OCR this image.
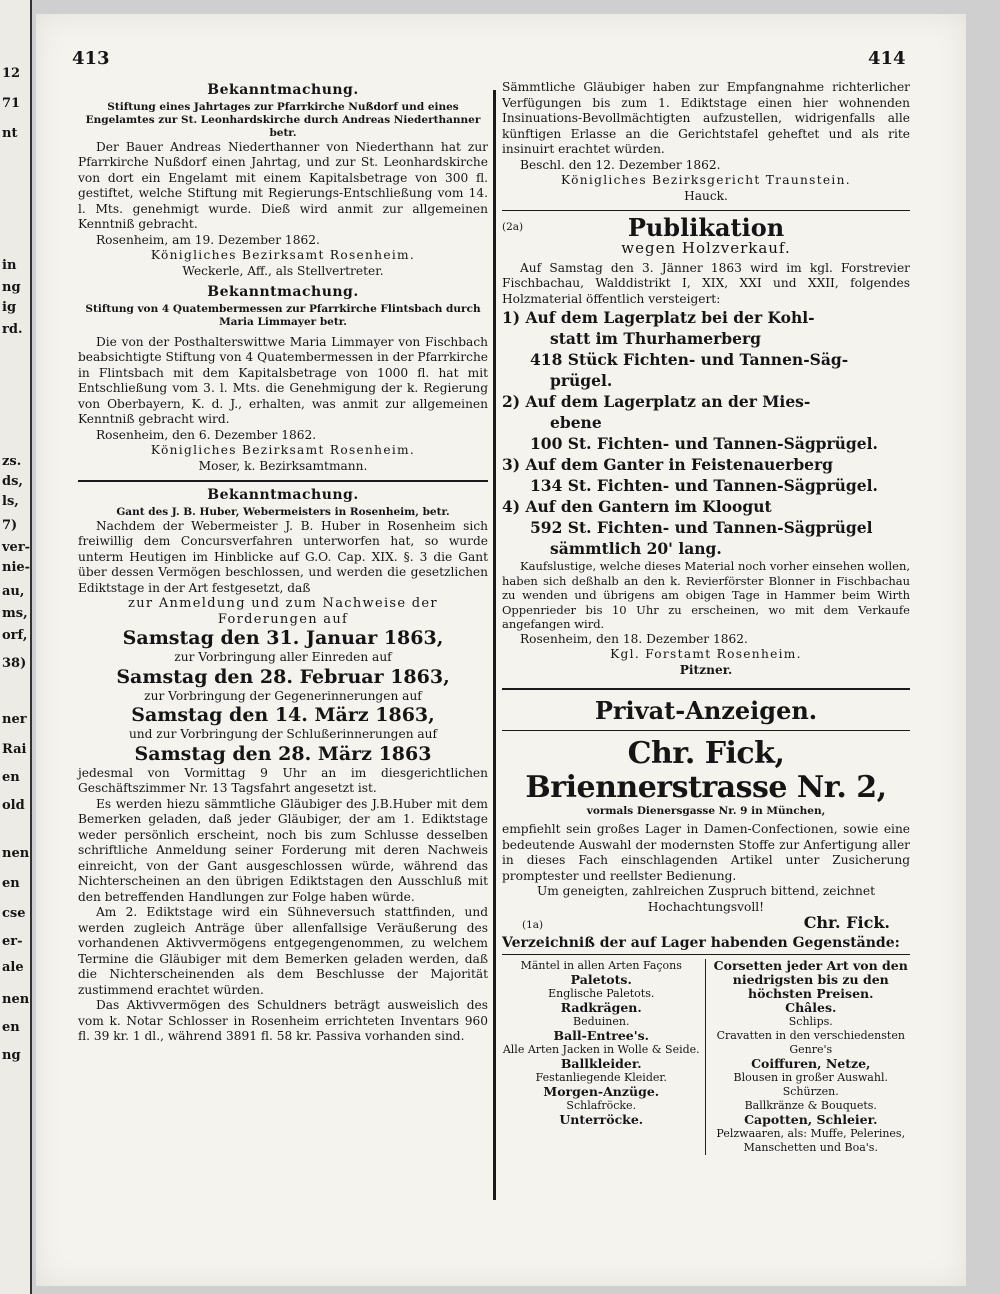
12
71
nt
in
ng
ig
rd.
zs.
ds,
ls,
7)
ver-
nie-
au,
ms,
orf,
38)
ner
Rai
en
old
nen
en
cse
er-
ale
nen
en
ng
413	414

Bekanntmachung.

Stiftung eines Jahrtages zur Pfarrkirche Nußdorf und eines Engelamtes zur St. Leonhardskirche durch Andreas Niederthanner betr.

Der Bauer Andreas Niederthanner von Niederthann hat zur Pfarrkirche Nußdorf einen Jahrtag, und zur St. Leonhardskirche von dort ein Engelamt mit einem Kapitalsbetrage von 300 fl. gestiftet, welche Stiftung mit Regierungs-Entschließung vom 14. l. Mts. genehmigt wurde. Dieß wird anmit zur allgemeinen Kenntniß gebracht.

Rosenheim, am 19. Dezember 1862.

Königliches Bezirksamt Rosenheim.

Weckerle, Aff., als Stellvertreter.

Bekanntmachung.

Stiftung von 4 Quatembermessen zur Pfarrkirche Flintsbach durch Maria Limmayer betr.

Die von der Posthalterswittwe Maria Limmayer von Fischbach beabsichtigte Stiftung von 4 Quatembermessen in der Pfarrkirche in Flintsbach mit dem Kapitalsbetrage von 1000 fl. hat mit Entschließung vom 3. l. Mts. die Genehmigung der k. Regierung von Oberbayern, K. d. J., erhalten, was anmit zur allgemeinen Kenntniß gebracht wird.

Rosenheim, den 6. Dezember 1862.

Königliches Bezirksamt Rosenheim.

Moser, k. Bezirksamtmann.

Bekanntmachung.

Gant des J. B. Huber, Webermeisters in Rosenheim, betr.

Nachdem der Webermeister J. B. Huber in Rosenheim sich freiwillig dem Concursverfahren unterworfen hat, so wurde unterm Heutigen im Hinblicke auf G.O. Cap. XIX. §. 3 die Gant über dessen Vermögen beschlossen, und werden die gesetzlichen Ediktstage in der Art festgesetzt, daß

zur Anmeldung und zum Nachweise der Forderungen auf

Samstag den 31. Januar 1863,

zur Vorbringung aller Einreden auf

Samstag den 28. Februar 1863,

zur Vorbringung der Gegenerinnerungen auf

Samstag den 14. März 1863,

und zur Vorbringung der Schlußerinnerungen auf

Samstag den 28. März 1863

jedesmal von Vormittag 9 Uhr an im diesgerichtlichen Geschäftszimmer Nr. 13 Tagsfahrt angesetzt ist.

Es werden hiezu sämmtliche Gläubiger des J.B.Huber mit dem Bemerken geladen, daß jeder Gläubiger, der am 1. Ediktstage weder persönlich erscheint, noch bis zum Schlusse desselben schriftliche Anmeldung seiner Forderung mit deren Nachweis einreicht, von der Gant ausgeschlossen würde, während das Nichterscheinen an den übrigen Ediktstagen den Ausschluß mit den betreffenden Handlungen zur Folge haben würde.

Am 2. Ediktstage wird ein Sühneversuch stattfinden, und werden zugleich Anträge über allenfallsige Veräußerung des vorhandenen Aktivvermögens entgegengenommen, zu welchem Termine die Gläubiger mit dem Bemerken geladen werden, daß die Nichterscheinenden als dem Beschlusse der Majorität zustimmend erachtet würden.

Das Aktivvermögen des Schuldners beträgt ausweislich des vom k. Notar Schlosser in Rosenheim errichteten Inventars 960 fl. 39 kr. 1 dl., während 3891 fl. 58 kr. Passiva vorhanden sind.

Sämmtliche Gläubiger haben zur Empfangnahme richterlicher Verfügungen bis zum 1. Ediktstage einen hier wohnenden Insinuations-Bevollmächtigten aufzustellen, widrigenfalls alle künftigen Erlasse an die Gerichtstafel geheftet und als rite insinuirt erachtet würden.

Beschl. den 12. Dezember 1862.

Königliches Bezirksgericht Traunstein.

Hauck.

(2a)	Publikation

wegen Holzverkauf.

Auf Samstag den 3. Jänner 1863 wird im kgl. Forstrevier Fischbachau, Walddistrikt I, XIX, XXI und XXII, folgendes Holzmaterial öffentlich versteigert:

1) Auf dem Lagerplatz bei der Kohl-

statt im Thurhamerberg

418 Stück Fichten- und Tannen-Säg-

prügel.

2) Auf dem Lagerplatz an der Mies-

ebene

100 St. Fichten- und Tannen-Sägprügel.

3) Auf dem Ganter in Feistenauerberg

134 St. Fichten- und Tannen-Sägprügel.

4) Auf den Gantern im Kloogut

592 St. Fichten- und Tannen-Sägprügel

sämmtlich 20' lang.

Kaufslustige, welche dieses Material noch vorher einsehen wollen, haben sich deßhalb an den k. Revierförster Blonner in Fischbachau zu wenden und übrigens am obigen Tage in Hammer beim Wirth Oppenrieder bis 10 Uhr zu erscheinen, wo mit dem Verkaufe angefangen wird.

Rosenheim, den 18. Dezember 1862.

Kgl. Forstamt Rosenheim.

Pitzner.

Privat-Anzeigen.

Chr. Fick, Briennerstrasse Nr. 2,

vormals Dienersgasse Nr. 9 in München,

empfiehlt sein großes Lager in Damen-Confectionen, sowie eine bedeutende Auswahl der modernsten Stoffe zur Anfertigung aller in dieses Fach einschlagenden Artikel unter Zusicherung promptester und reellster Bedienung.

Um geneigten, zahlreichen Zuspruch bittend, zeichnet Hochachtungsvoll!

(1a)	Chr. Fick.

Verzeichniß der auf Lager habenden Gegenstände:

Mäntel in allen Arten Façons
Paletots.
Englische Paletots.
Radkrägen.
Beduinen.
Ball-Entree's.
Alle Arten Jacken in Wolle & Seide.
Ballkleider.
Festanliegende Kleider.
Morgen-Anzüge.
Schlafröcke.
Unterröcke.
Corsetten jeder Art von den niedrigsten bis zu den höchsten Preisen.
Châles.
Schlips.
Cravatten in den verschiedensten Genre's
Coiffuren, Netze,
Blousen in großer Auswahl.
Schürzen.
Ballkränze & Bouquets.
Capotten, Schleier.
Pelzwaaren, als: Muffe, Pelerines, Manschetten und Boa's.
